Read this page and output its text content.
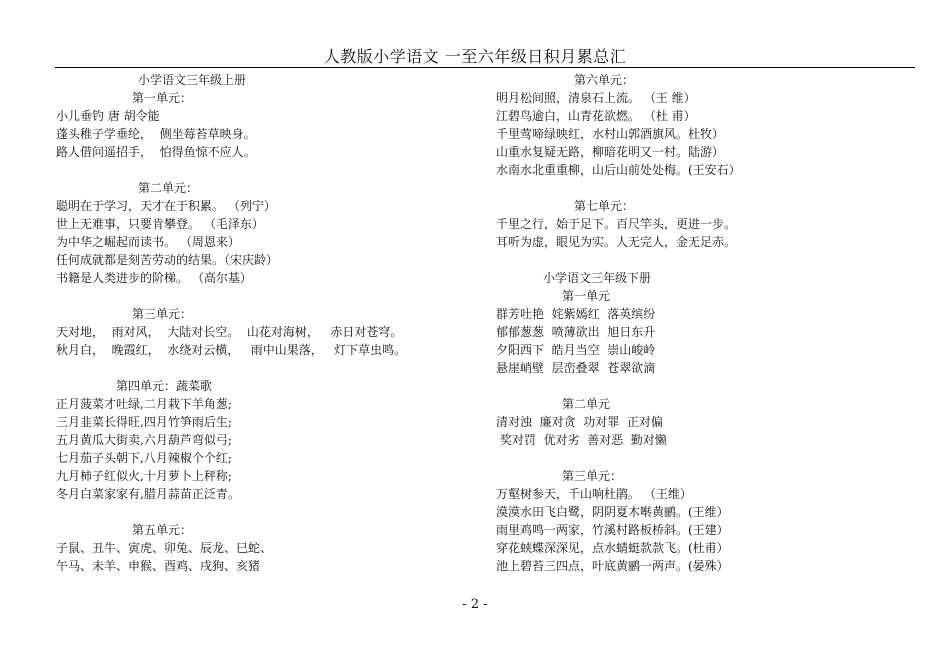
人教版小学语文 一至六年级日积月累总汇
小学语文三年级上册
第一单元：
小儿垂钓 唐 胡令能
蓬头稚子学垂纶，  侧坐莓苔草映身。
路人借问遥招手，  怕得鱼惊不应人。
第二单元：
聪明在于学习，天才在于积累。 （列宁）
世上无难事，只要肯攀登。 （毛泽东）
为中华之崛起而读书。 （周恩来）
任何成就都是刻苦劳动的结果。（宋庆龄）
书籍是人类进步的阶梯。 （高尔基）
第三单元：
天对地，  雨对风，  大陆对长空。  山花对海树，   赤日对苍穹。
秋月白，  晚霞红，  水绕对云横，   雨中山果落，   灯下草虫鸣。
第四单元：蔬菜歌
正月菠菜才吐绿,二月栽下羊角葱;
三月韭菜长得旺,四月竹笋雨后生;
五月黄瓜大街卖,六月葫芦弯似弓;
七月茄子头朝下,八月辣椒个个红;
九月柿子红似火,十月萝卜上秤称;
冬月白菜家家有,腊月蒜苗正泛青。
第五单元：
子鼠、丑牛、寅虎、卯兔、辰龙、巳蛇、
午马、未羊、申猴、酉鸡、戌狗、亥猪
第六单元：
明月松间照，清泉石上流。 （王 维）
江碧鸟逾白，山青花欲燃。 （杜 甫）
千里莺啼绿映红，水村山郭酒旗风。杜牧）
山重水复疑无路，柳暗花明又一村。陆游）
水南水北重重柳，山后山前处处梅。(王安石）
第七单元：
千里之行，始于足下。百尺竿头，更进一步。
耳听为虚，眼见为实。人无完人，金无足赤。
小学语文三年级下册
第一单元
群芳吐艳  姹紫嫣红  落英缤纷
郁郁葱葱  喷薄欲出  旭日东升
夕阳西下  皓月当空  崇山峻岭
悬崖峭壁  层峦叠翠  苍翠欲滴
第二单元
清对浊  廉对贪  功对罪  正对偏
奖对罚  优对劣  善对恶  勤对懒
第三单元：
万壑树参天，千山响杜鹃。 （王维）
漠漠水田飞白鹭，阴阴夏木啭黄鹂。(王维）
雨里鸡鸣一两家，竹溪村路板桥斜。(王建）
穿花蛱蝶深深见，点水蜻蜓款款飞。(杜甫）
池上碧苔三四点，叶底黄鹂一两声。(晏殊）
- 2 -
